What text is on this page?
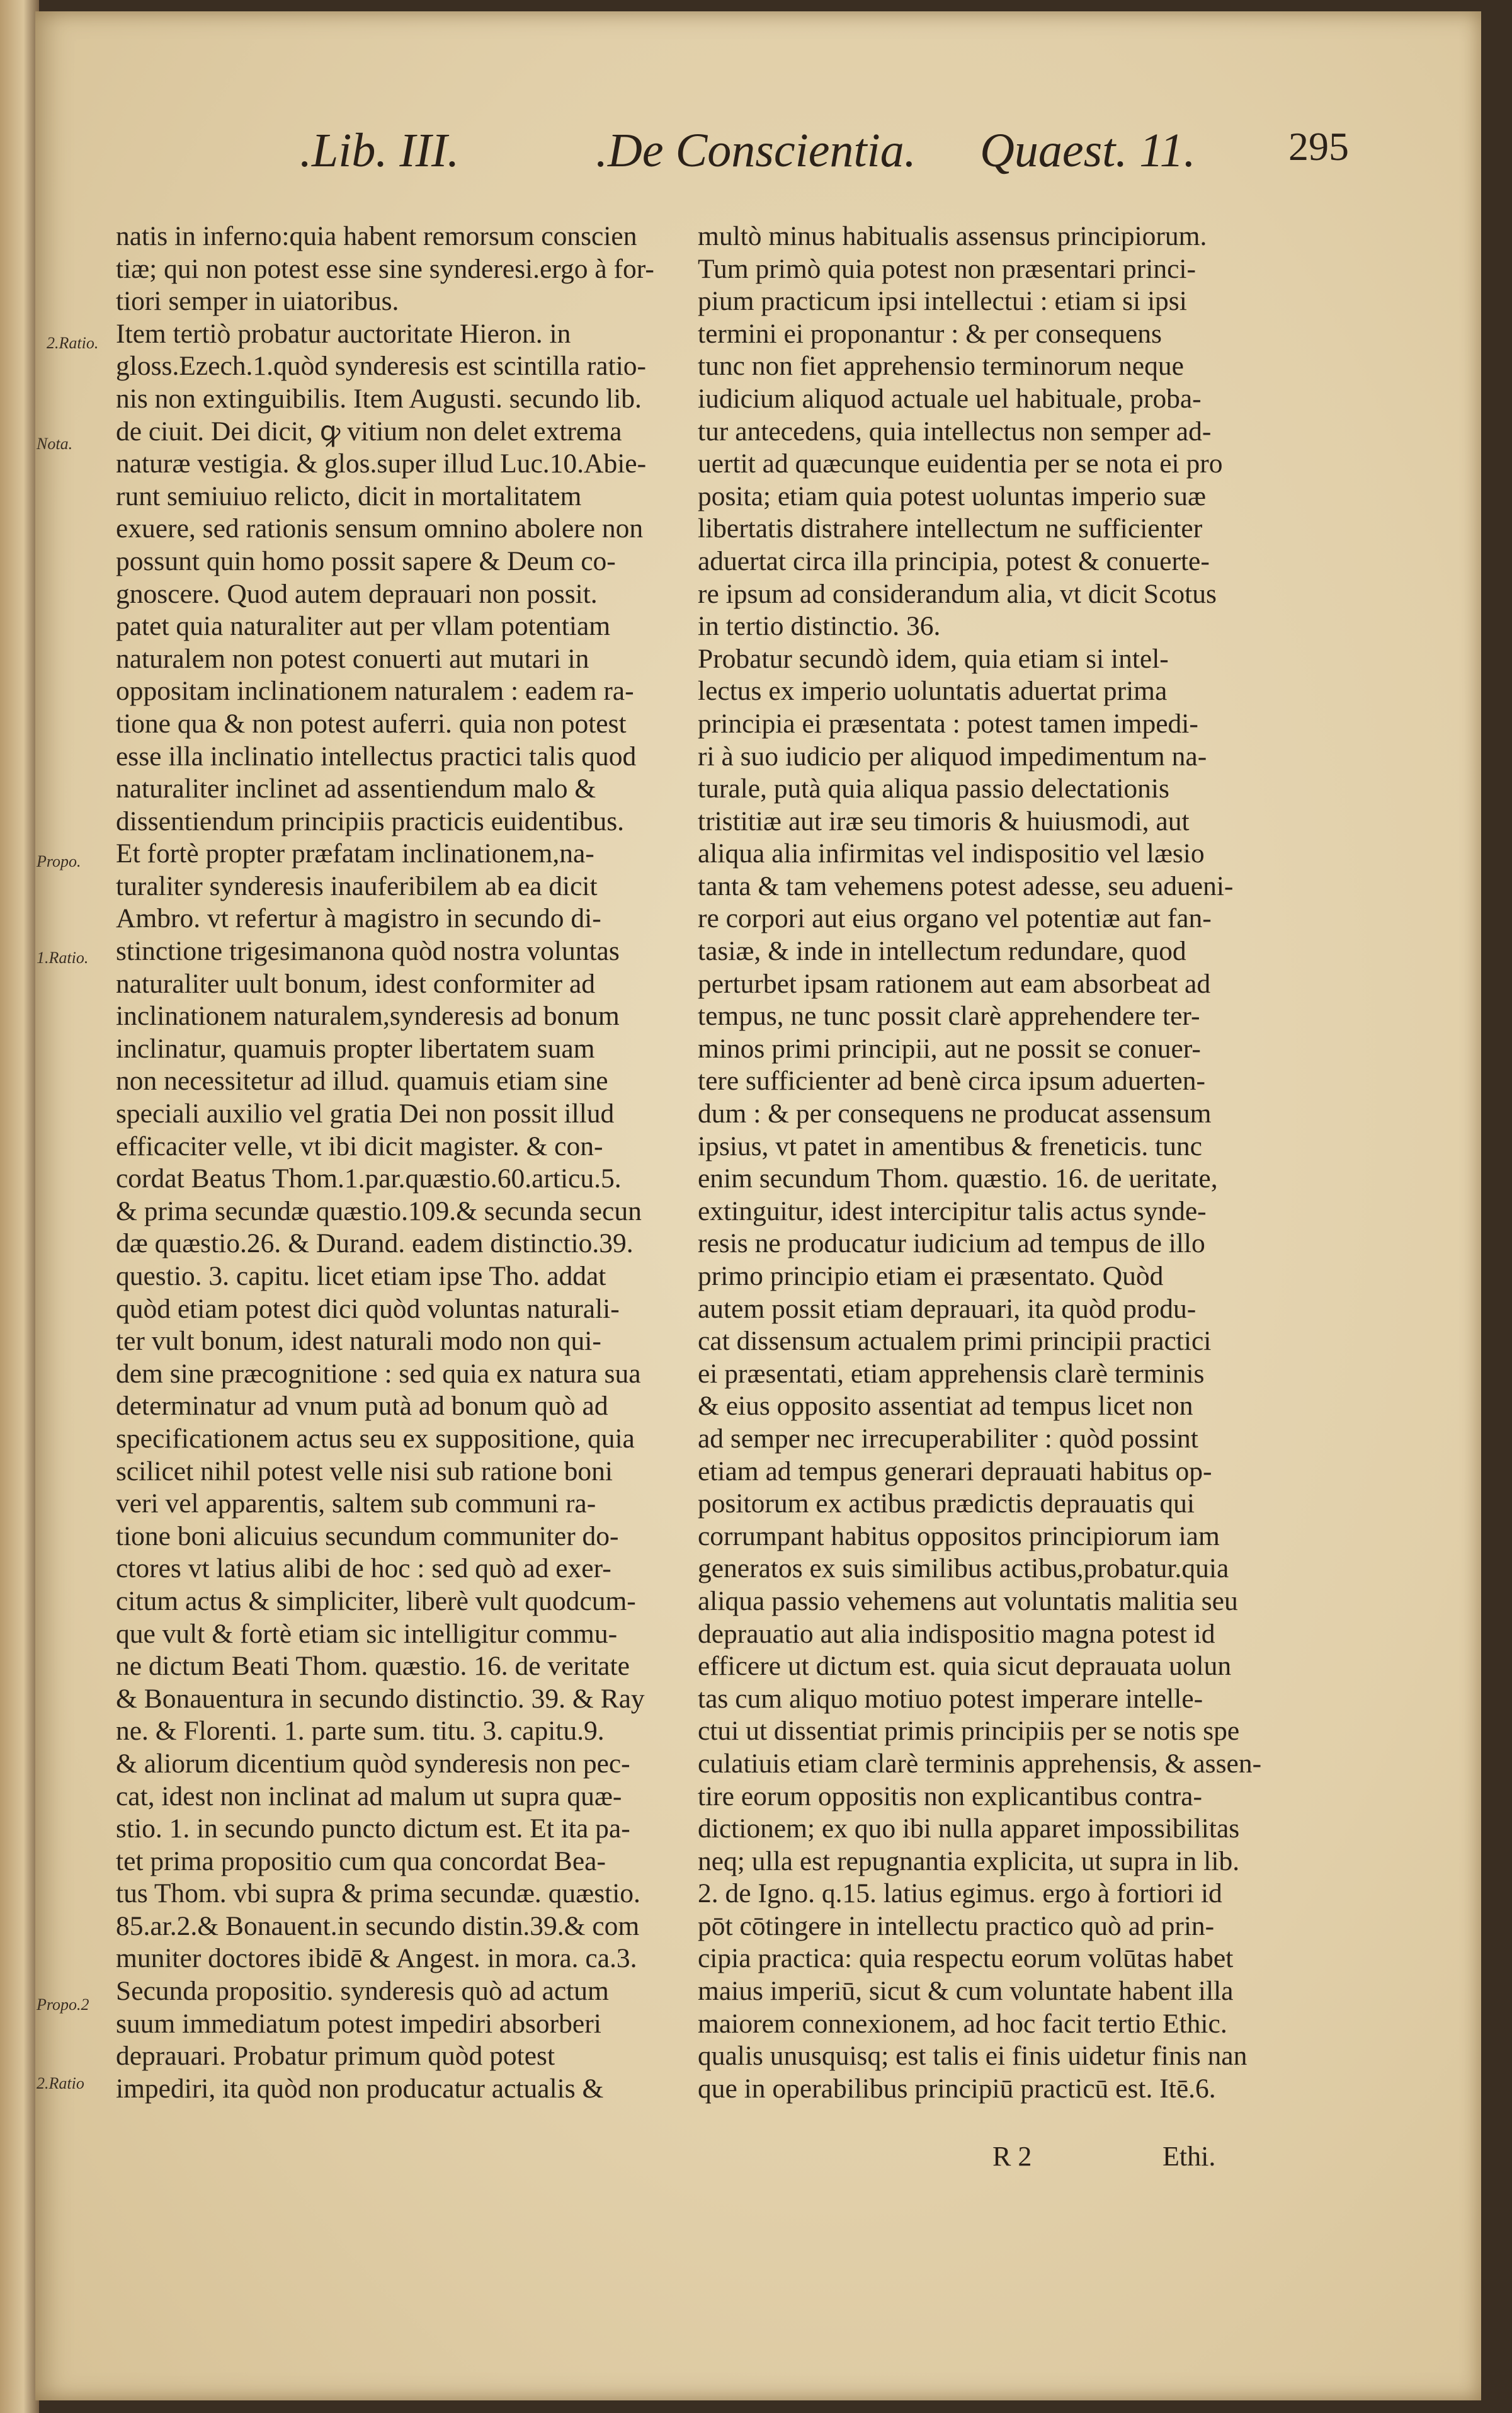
.Lib. III.	.De Conscientia. Quaest. 11. 295
2.Ratio.
Nota.
Propo.
1.Ratio.
Propo.2
2.Ratio
natis in inferno:quia habent remorsum conscien
tiæ; qui non potest esse sine synderesi.ergo à for-
tiori semper in uiatoribus.
Item tertiò probatur auctoritate Hieron. in
gloss.Ezech.1.quòd synderesis est scintilla ratio-
nis non extinguibilis. Item Augusti. secundo lib.
de ciuit. Dei dicit, ꝙ vitium non delet extrema
naturæ vestigia. & glos.super illud Luc.10.Abie-
runt semiuiuo relicto, dicit in mortalitatem
exuere, sed rationis sensum omnino abolere non
possunt quin homo possit sapere & Deum co-
gnoscere. Quod autem deprauari non possit.
patet quia naturaliter aut per vllam potentiam
naturalem non potest conuerti aut mutari in
oppositam inclinationem naturalem : eadem ra-
tione qua & non potest auferri. quia non potest
esse illa inclinatio intellectus practici talis quod
naturaliter inclinet ad assentiendum malo &
dissentiendum principiis practicis euidentibus.
Et fortè propter præfatam inclinationem,na-
turaliter synderesis inauferibilem ab ea dicit
Ambro. vt refertur à magistro in secundo di-
stinctione trigesimanona quòd nostra voluntas
naturaliter uult bonum, idest conformiter ad
inclinationem naturalem,synderesis ad bonum
inclinatur, quamuis propter libertatem suam
non necessitetur ad illud. quamuis etiam sine
speciali auxilio vel gratia Dei non possit illud
efficaciter velle, vt ibi dicit magister. & con-
cordat Beatus Thom.1.par.quæstio.60.articu.5.
& prima secundæ quæstio.109.& secunda secun
dæ quæstio.26. & Durand. eadem distinctio.39.
questio. 3. capitu. licet etiam ipse Tho. addat
quòd etiam potest dici quòd voluntas naturali-
ter vult bonum, idest naturali modo non qui-
dem sine præcognitione : sed quia ex natura sua
determinatur ad vnum putà ad bonum quò ad
specificationem actus seu ex suppositione, quia
scilicet nihil potest velle nisi sub ratione boni
veri vel apparentis, saltem sub communi ra-
tione boni alicuius secundum communiter do-
ctores vt latius alibi de hoc : sed quò ad exer-
citum actus & simpliciter, liberè vult quodcum-
que vult & fortè etiam sic intelligitur commu-
ne dictum Beati Thom. quæstio. 16. de veritate
& Bonauentura in secundo distinctio. 39. & Ray
ne. & Florenti. 1. parte sum. titu. 3. capitu.9.
& aliorum dicentium quòd synderesis non pec-
cat, idest non inclinat ad malum ut supra quæ-
stio. 1. in secundo puncto dictum est. Et ita pa-
tet prima propositio cum qua concordat Bea-
tus Thom. vbi supra & prima secundæ. quæstio.
85.ar.2.& Bonauent.in secundo distin.39.& com
muniter doctores ibidē & Angest. in mora. ca.3.
Secunda propositio. synderesis quò ad actum
suum immediatum potest impediri absorberi
deprauari. Probatur primum quòd potest
impediri, ita quòd non producatur actualis &
multò minus habitualis assensus principiorum.
Tum primò quia potest non præsentari princi-
pium practicum ipsi intellectui : etiam si ipsi
termini ei proponantur : & per consequens
tunc non fiet apprehensio terminorum neque
iudicium aliquod actuale uel habituale, proba-
tur antecedens, quia intellectus non semper ad-
uertit ad quæcunque euidentia per se nota ei pro
posita; etiam quia potest uoluntas imperio suæ
libertatis distrahere intellectum ne sufficienter
aduertat circa illa principia, potest & conuerte-
re ipsum ad considerandum alia, vt dicit Scotus
in tertio distinctio. 36.
Probatur secundò idem, quia etiam si intel-
lectus ex imperio uoluntatis aduertat prima
principia ei præsentata : potest tamen impedi-
ri à suo iudicio per aliquod impedimentum na-
turale, putà quia aliqua passio delectationis
tristitiæ aut iræ seu timoris & huiusmodi, aut
aliqua alia infirmitas vel indispositio vel læsio
tanta & tam vehemens potest adesse, seu adueni-
re corpori aut eius organo vel potentiæ aut fan-
tasiæ, & inde in intellectum redundare, quod
perturbet ipsam rationem aut eam absorbeat ad
tempus, ne tunc possit clarè apprehendere ter-
minos primi principii, aut ne possit se conuer-
tere sufficienter ad benè circa ipsum aduerten-
dum : & per consequens ne producat assensum
ipsius, vt patet in amentibus & freneticis. tunc
enim secundum Thom. quæstio. 16. de ueritate,
extinguitur, idest intercipitur talis actus synde-
resis ne producatur iudicium ad tempus de illo
primo principio etiam ei præsentato. Quòd
autem possit etiam deprauari, ita quòd produ-
cat dissensum actualem primi principii practici
ei præsentati, etiam apprehensis clarè terminis
& eius opposito assentiat ad tempus licet non
ad semper nec irrecuperabiliter : quòd possint
etiam ad tempus generari deprauati habitus op-
positorum ex actibus prædictis deprauatis qui
corrumpant habitus oppositos principiorum iam
generatos ex suis similibus actibus,probatur.quia
aliqua passio vehemens aut voluntatis malitia seu
deprauatio aut alia indispositio magna potest id
efficere ut dictum est. quia sicut deprauata uolun
tas cum aliquo motiuo potest imperare intelle-
ctui ut dissentiat primis principiis per se notis spe
culatiuis etiam clarè terminis apprehensis, & assen-
tire eorum oppositis non explicantibus contra-
dictionem; ex quo ibi nulla apparet impossibilitas
neq; ulla est repugnantia explicita, ut supra in lib.
2. de Igno. q.15. latius egimus. ergo à fortiori id
pōt cōtingere in intellectu practico quò ad prin-
cipia practica: quia respectu eorum volūtas habet
maius imperiū, sicut & cum voluntate habent illa
maiorem connexionem, ad hoc facit tertio Ethic.
qualis unusquisq; est talis ei finis uidetur finis nan
que in operabilibus principiū practicū est. Itē.6.
R 2	Ethi.
